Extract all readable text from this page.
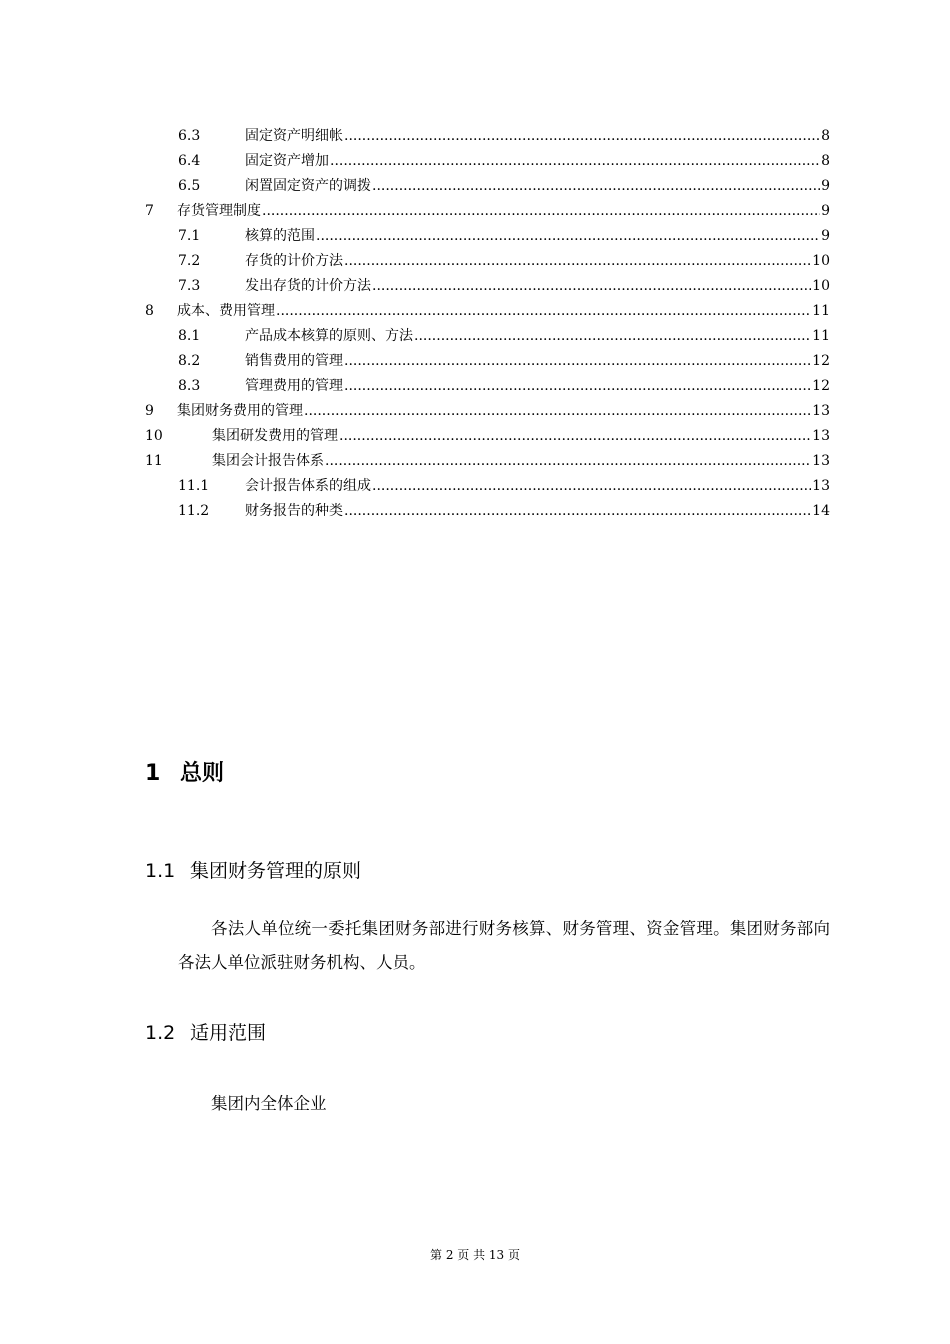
6.3	固定资产明细帐 .....	8
6.4	固定资产增加 .....	8
6.5	闲置固定资产的调拨 .....	9
7	存货管理制度 .....	9
7.1	核算的范围 .....	9
7.2	存货的计价方法 .....	10
7.3	发出存货的计价方法 .....	10
8	成本、费用管理 .....	11
8.1	产品成本核算的原则、方法 .....	11
8.2	销售费用的管理 .....	12
8.3	管理费用的管理 .....	12
9	集团财务费用的管理 .....	13
10	集团研发费用的管理 .....	13
11	集团会计报告体系 .....	13
11.1	会计报告体系的组成 .....	13
11.2	财务报告的种类 .....	14
1 总则
1.1 集团财务管理的原则
各法人单位统一委托集团财务部进行财务核算、财务管理、资金管理。集团财务部向各法人单位派驻财务机构、人员。
1.2 适用范围
集团内全体企业
第 2 页 共 13 页
